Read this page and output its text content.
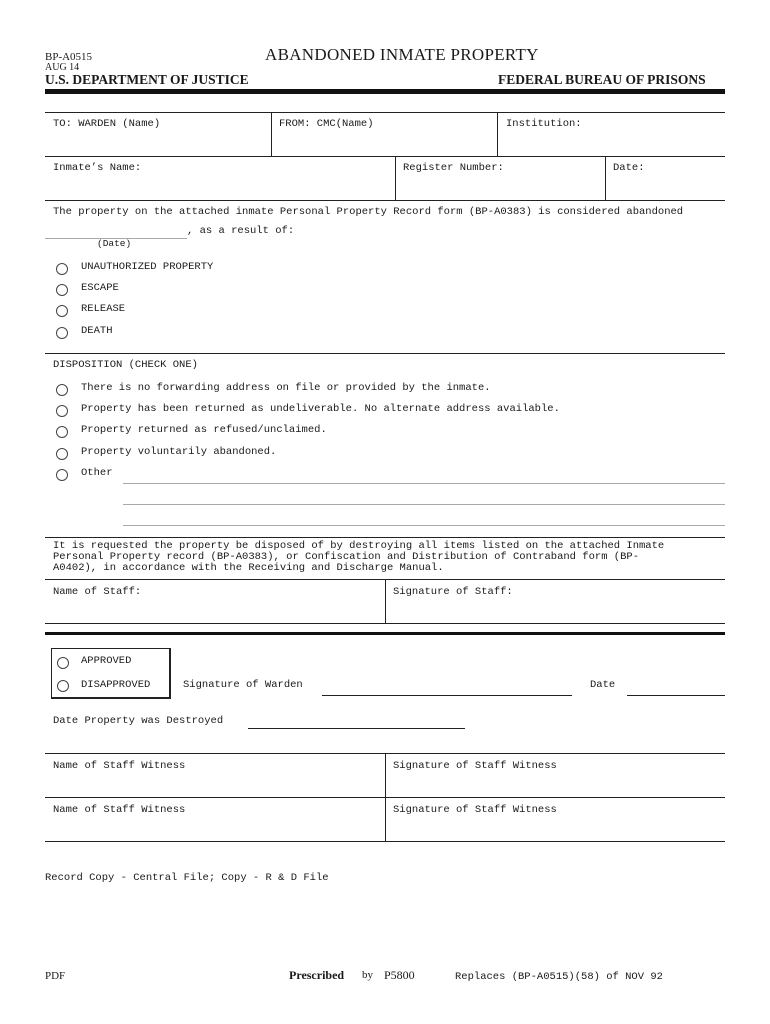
BP-A0515
AUG 14
ABANDONED INMATE PROPERTY
U.S. DEPARTMENT OF JUSTICE	FEDERAL BUREAU OF PRISONS
TO: WARDEN (Name)	FROM: CMC(Name)	Institution:
Inmate’s Name:	Register Number:	Date:
The property on the attached inmate Personal Property Record form (BP-A0383) is considered abandoned
, as a result of:
(Date)
UNAUTHORIZED PROPERTY
ESCAPE
RELEASE
DEATH
DISPOSITION (CHECK ONE)
There is no forwarding address on file or provided by the inmate.
Property has been returned as undeliverable. No alternate address available.
Property returned as refused/unclaimed.
Property voluntarily abandoned.
Other
It is requested the property be disposed of by destroying all items listed on the attached Inmate
Personal Property record (BP-A0383), or Confiscation and Distribution of Contraband form (BP-
A0402), in accordance with the Receiving and Discharge Manual.
Name of Staff:	Signature of Staff:
APPROVED
DISAPPROVED	Signature of Warden	Date
Date Property was Destroyed
Name of Staff Witness	Signature of Staff Witness
Name of Staff Witness	Signature of Staff Witness
Record Copy - Central File; Copy - R & D File
PDF	Prescribed by P5800	Replaces (BP-A0515)(58) of NOV 92
